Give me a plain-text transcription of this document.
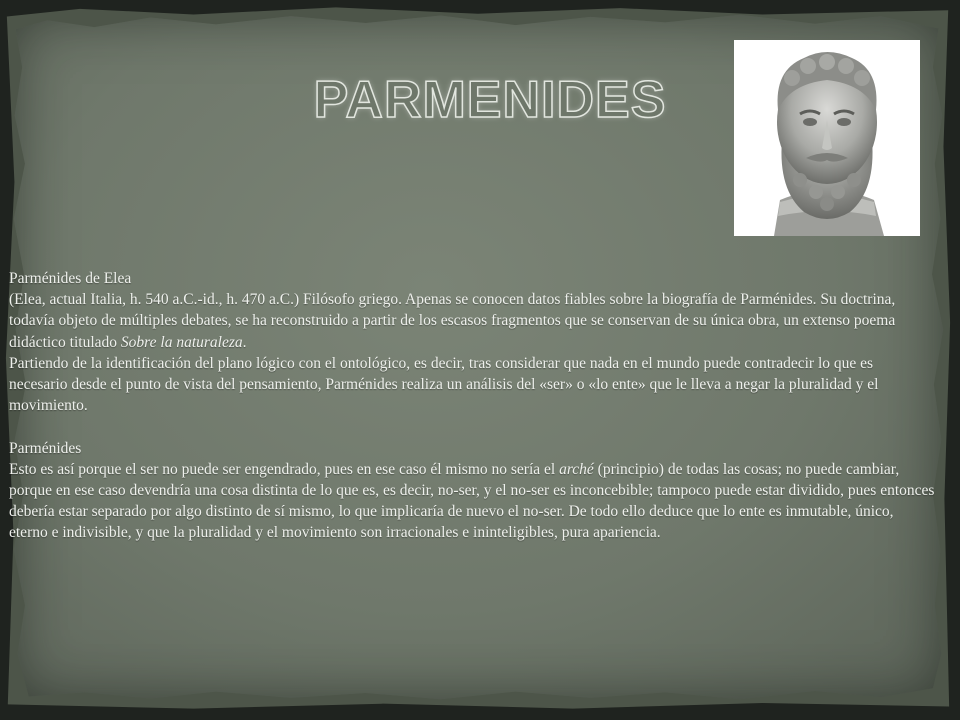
PARMENIDES

Parménides de Elea

(Elea, actual Italia, h. 540 a.C.-id., h. 470 a.C.) Filósofo griego. Apenas se conocen datos fiables sobre la biografía de Parménides. Su doctrina, todavía objeto de múltiples debates, se ha reconstruido a partir de los escasos fragmentos que se conservan de su única obra, un extenso poema didáctico titulado Sobre la naturaleza.

Partiendo de la identificación del plano lógico con el ontológico, es decir, tras considerar que nada en el mundo puede contradecir lo que es necesario desde el punto de vista del pensamiento, Parménides realiza un análisis del «ser» o «lo ente» que le lleva a negar la pluralidad y el movimiento.

Parménides

Esto es así porque el ser no puede ser engendrado, pues en ese caso él mismo no sería el arché (principio) de todas las cosas; no puede cambiar, porque en ese caso devendría una cosa distinta de lo que es, es decir, no-ser, y el no-ser es inconcebible; tampoco puede estar dividido, pues entonces debería estar separado por algo distinto de sí mismo, lo que implicaría de nuevo el no-ser. De todo ello deduce que lo ente es inmutable, único, eterno e indivisible, y que la pluralidad y el movimiento son irracionales e ininteligibles, pura apariencia.
